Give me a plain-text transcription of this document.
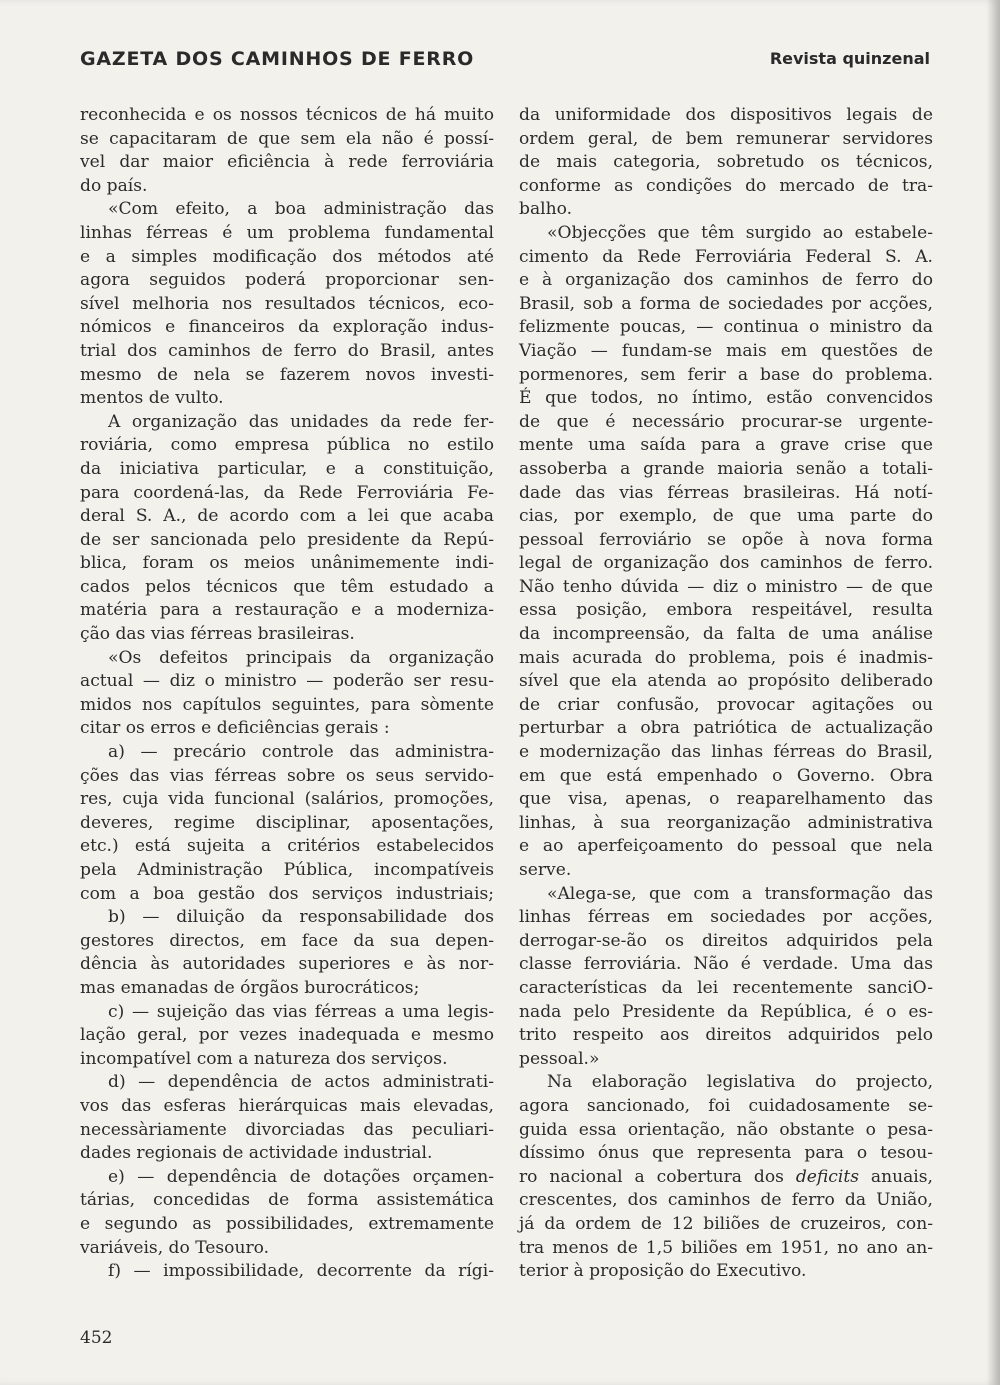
GAZETA DOS CAMINHOS DE FERRO	Revista quinzenal
reconhecida e os nossos técnicos de há muito
se capacitaram de que sem ela não é possí-
vel dar maior eficiência à rede ferroviária
do país.
«Com efeito, a boa administração das
linhas férreas é um problema fundamental
e a simples modificação dos métodos até
agora seguidos poderá proporcionar sen-
sível melhoria nos resultados técnicos, eco-
nómicos e financeiros da exploração indus-
trial dos caminhos de ferro do Brasil, antes
mesmo de nela se fazerem novos investi-
mentos de vulto.
A organização das unidades da rede fer-
roviária, como empresa pública no estilo
da iniciativa particular, e a constituição,
para coordená-las, da Rede Ferroviária Fe-
deral S. A., de acordo com a lei que acaba
de ser sancionada pelo presidente da Repú-
blica, foram os meios unânimemente indi-
cados pelos técnicos que têm estudado a
matéria para a restauração e a moderniza-
ção das vias férreas brasileiras.
«Os defeitos principais da organização
actual — diz o ministro — poderão ser resu-
midos nos capítulos seguintes, para sòmente
citar os erros e deficiências gerais :
a) — precário controle das administra-
ções das vias férreas sobre os seus servido-
res, cuja vida funcional (salários, promoções,
deveres, regime disciplinar, aposentações,
etc.) está sujeita a critérios estabelecidos
pela Administração Pública, incompatíveis
com a boa gestão dos serviços industriais;
b) — diluição da responsabilidade dos
gestores directos, em face da sua depen-
dência às autoridades superiores e às nor-
mas emanadas de órgãos burocráticos;
c) — sujeição das vias férreas a uma legis-
lação geral, por vezes inadequada e mesmo
incompatível com a natureza dos serviços.
d) — dependência de actos administrati-
vos das esferas hierárquicas mais elevadas,
necessàriamente divorciadas das peculiari-
dades regionais de actividade industrial.
e) — dependência de dotações orçamen-
tárias, concedidas de forma assistemática
e segundo as possibilidades, extremamente
variáveis, do Tesouro.
f) — impossibilidade, decorrente da rígi-
da uniformidade dos dispositivos legais de
ordem geral, de bem remunerar servidores
de mais categoria, sobretudo os técnicos,
conforme as condições do mercado de tra-
balho.
«Objecções que têm surgido ao estabele-
cimento da Rede Ferroviária Federal S. A.
e à organização dos caminhos de ferro do
Brasil, sob a forma de sociedades por acções,
felizmente poucas, — continua o ministro da
Viação — fundam-se mais em questões de
pormenores, sem ferir a base do problema.
É que todos, no íntimo, estão convencidos
de que é necessário procurar-se urgente-
mente uma saída para a grave crise que
assoberba a grande maioria senão a totali-
dade das vias férreas brasileiras. Há notí-
cias, por exemplo, de que uma parte do
pessoal ferroviário se opõe à nova forma
legal de organização dos caminhos de ferro.
Não tenho dúvida — diz o ministro — de que
essa posição, embora respeitável, resulta
da incompreensão, da falta de uma análise
mais acurada do problema, pois é inadmis-
sível que ela atenda ao propósito deliberado
de criar confusão, provocar agitações ou
perturbar a obra patriótica de actualização
e modernização das linhas férreas do Brasil,
em que está empenhado o Governo. Obra
que visa, apenas, o reaparelhamento das
linhas, à sua reorganização administrativa
e ao aperfeiçoamento do pessoal que nela
serve.
«Alega-se, que com a transformação das
linhas férreas em sociedades por acções,
derrogar-se-ão os direitos adquiridos pela
classe ferroviária. Não é verdade. Uma das
características da lei recentemente sanciO-
nada pelo Presidente da República, é o es-
trito respeito aos direitos adquiridos pelo
pessoal.»
Na elaboração legislativa do projecto,
agora sancionado, foi cuidadosamente se-
guida essa orientação, não obstante o pesa-
díssimo ónus que representa para o tesou-
ro nacional a cobertura dos deficits anuais,
crescentes, dos caminhos de ferro da União,
já da ordem de 12 biliões de cruzeiros, con-
tra menos de 1,5 biliões em 1951, no ano an-
terior à proposição do Executivo.
452
